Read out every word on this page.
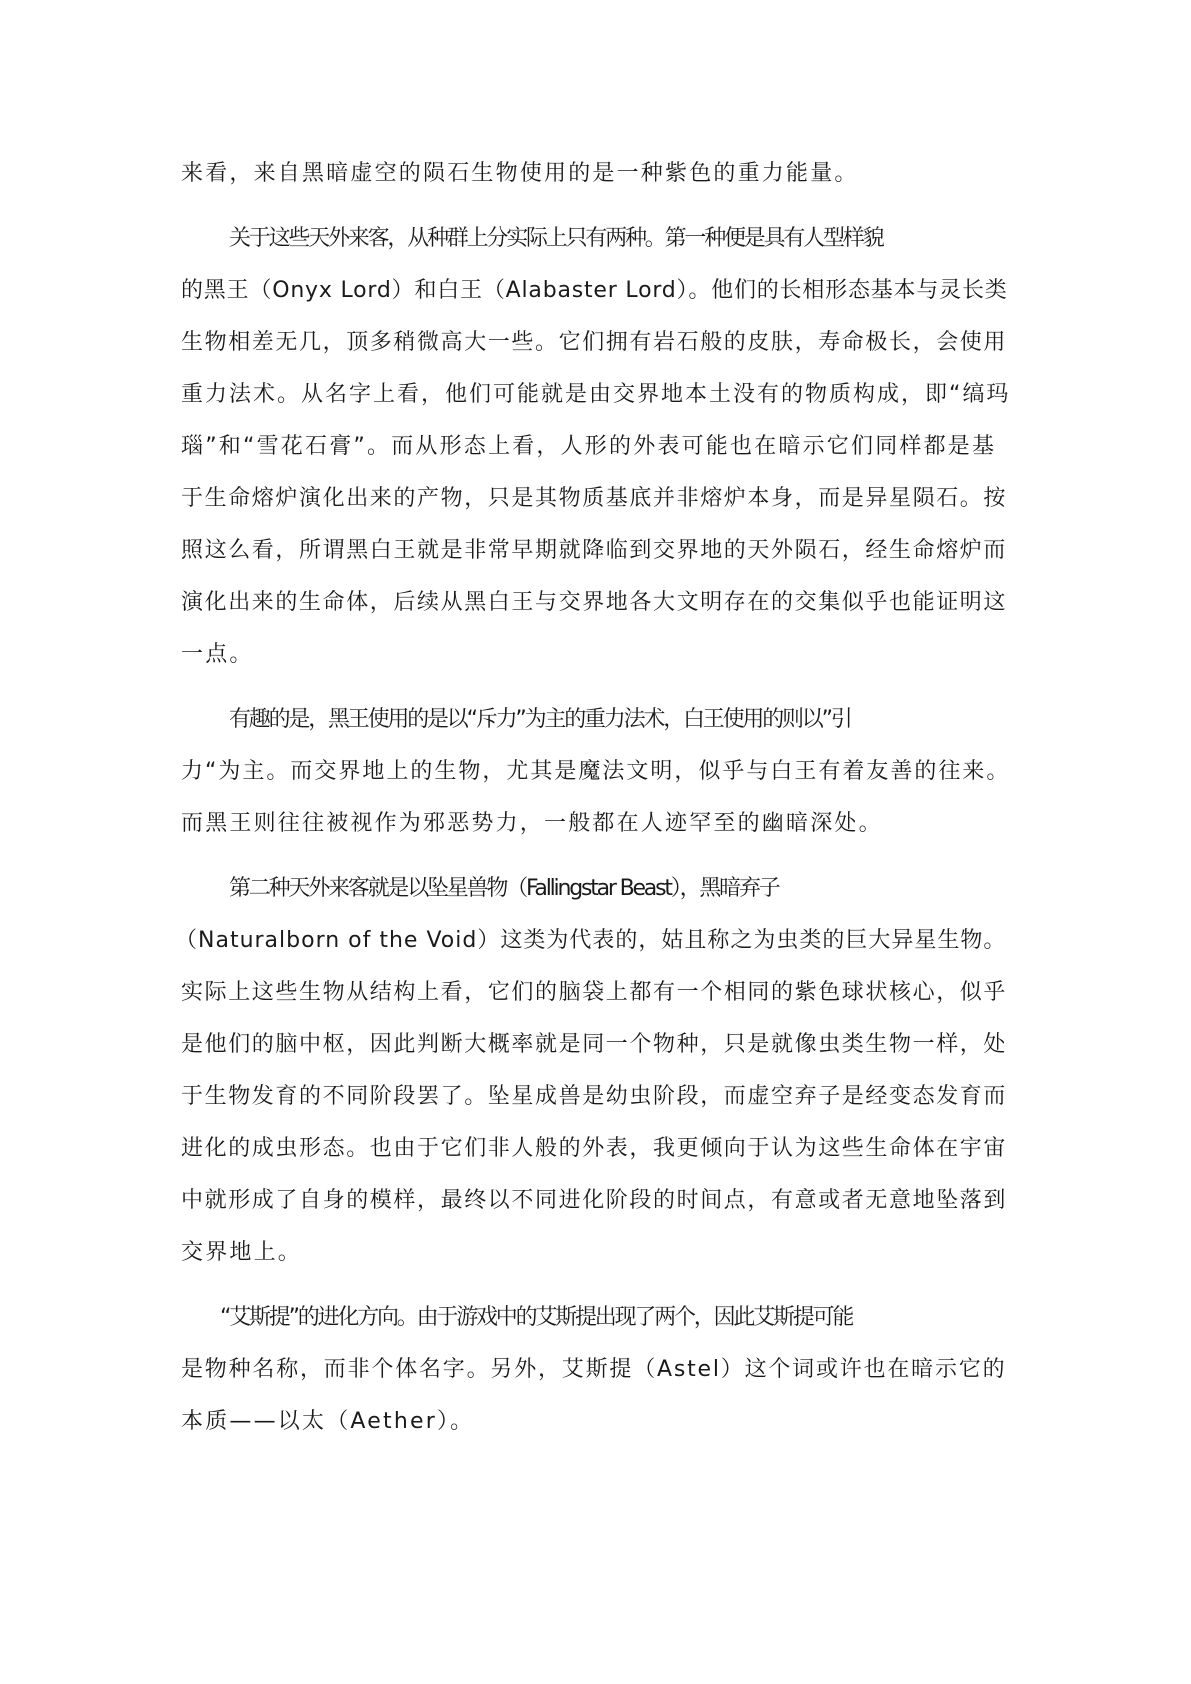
来看，来自黑暗虚空的陨石生物使用的是一种紫色的重力能量。
关于这些天外来客，从种群上分实际上只有两种。第一种便是具有人型样貌
的黑王（Onyx Lord）和白王（Alabaster Lord）。他们的长相形态基本与灵长类
生物相差无几，顶多稍微高大一些。它们拥有岩石般的皮肤，寿命极长，会使用
重力法术。从名字上看，他们可能就是由交界地本土没有的物质构成，即“缟玛
瑙”和“雪花石膏”。而从形态上看，人形的外表可能也在暗示它们同样都是基
于生命熔炉演化出来的产物，只是其物质基底并非熔炉本身，而是异星陨石。按
照这么看，所谓黑白王就是非常早期就降临到交界地的天外陨石，经生命熔炉而
演化出来的生命体，后续从黑白王与交界地各大文明存在的交集似乎也能证明这
一点。
有趣的是，黑王使用的是以“斥力”为主的重力法术，白王使用的则以”引
力“为主。而交界地上的生物，尤其是魔法文明，似乎与白王有着友善的往来。
而黑王则往往被视作为邪恶势力，一般都在人迹罕至的幽暗深处。
第二种天外来客就是以坠星兽物（Fallingstar Beast），黑暗弃子
（Naturalborn of the Void）这类为代表的，姑且称之为虫类的巨大异星生物。
实际上这些生物从结构上看，它们的脑袋上都有一个相同的紫色球状核心，似乎
是他们的脑中枢，因此判断大概率就是同一个物种，只是就像虫类生物一样，处
于生物发育的不同阶段罢了。坠星成兽是幼虫阶段，而虚空弃子是经变态发育而
进化的成虫形态。也由于它们非人般的外表，我更倾向于认为这些生命体在宇宙
中就形成了自身的模样，最终以不同进化阶段的时间点，有意或者无意地坠落到
交界地上。
“艾斯提”的进化方向。由于游戏中的艾斯提出现了两个，因此艾斯提可能
是物种名称，而非个体名字。另外，艾斯提（Astel）这个词或许也在暗示它的
本质——以太（Aether）。
